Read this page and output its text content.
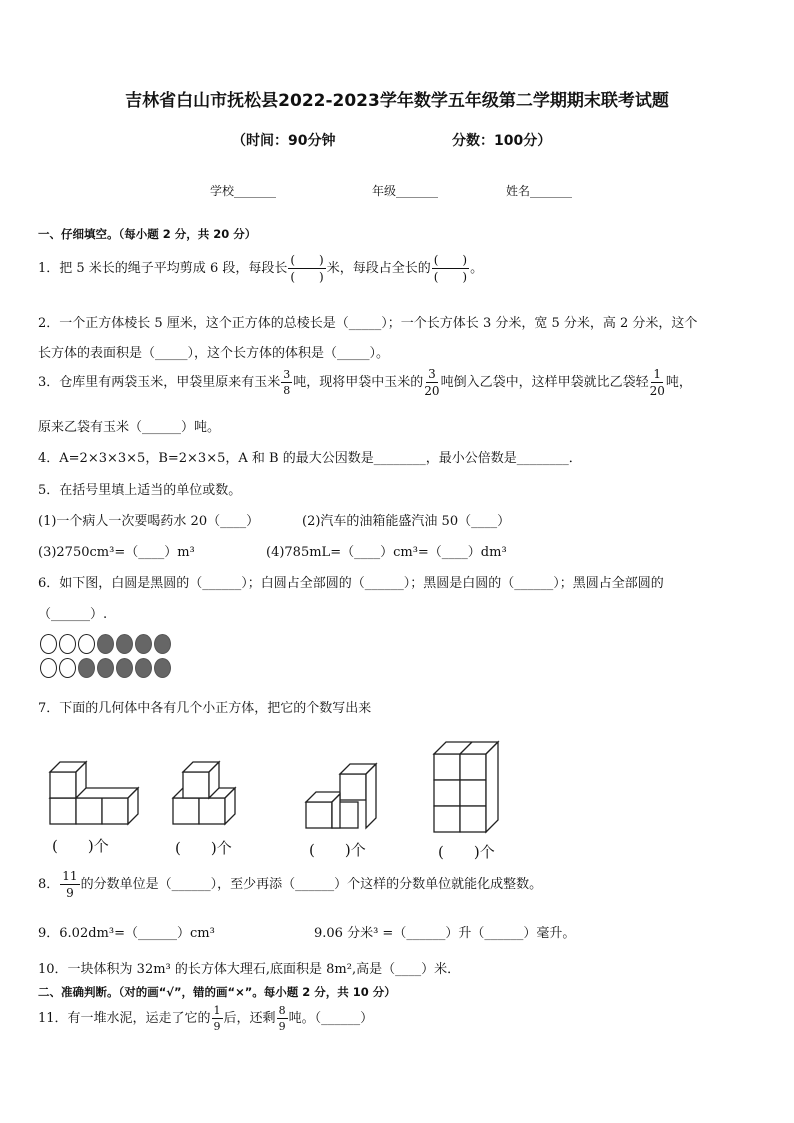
吉林省白山市抚松县2022-2023学年数学五年级第二学期期末联考试题
（时间：90分钟	分数：100分）
学校_______	年级_______	姓名_______
一、仔细填空。（每小题 2 分，共 20 分）
1．把 5 米长的绳子平均剪成 6 段，每段长 $\frac{( )}{( )}$ 米，每段占全长的 $\frac{( )}{( )}$ 。
2．一个正方体棱长 5 厘米，这个正方体的总棱长是（_____）；一个长方体长 3 分米，宽 5 分米，高 2 分米，这个
长方体的表面积是（_____），这个长方体的体积是（_____）。
3．仓库里有两袋玉米，甲袋里原来有玉米 $\frac{3}{8}$ 吨，现将甲袋中玉米的 $\frac{3}{20}$ 吨倒入乙袋中，这样甲袋就比乙袋轻 $\frac{1}{20}$ 吨，
原来乙袋有玉米（______）吨。
4．A=2×3×3×5，B=2×3×5，A 和 B 的最大公因数是________，最小公倍数是________．
5．在括号里填上适当的单位或数。
(1)一个病人一次要喝药水 20（____）	(2)汽车的油箱能盛汽油 50（____）
(3)2750cm³=（____）m³	(4)785mL=（____）cm³=（____）dm³
6．如下图，白圆是黑圆的（______）；白圆占全部圆的（______）；黑圆是白圆的（______）；黑圆占全部圆的
（______）.
7．下面的几何体中各有几个小正方体，把它的个数写出来
(　　)个	(　　)个	(　　)个	(　　)个
8． $\frac{11}{9}$ 的分数单位是（______），至少再添（______）个这样的分数单位就能化成整数。
9．6.02dm³=（______）cm³	9.06 分米³ =（______）升（______）毫升。
10．一块体积为 32m³ 的长方体大理石,底面积是 8m²,高是（____）米．
二、准确判断。（对的画“√”，错的画“×”。每小题 2 分，共 10 分）
11．有一堆水泥，运走了它的 $\frac{1}{9}$ 后，还剩 $\frac{8}{9}$ 吨。（______）
